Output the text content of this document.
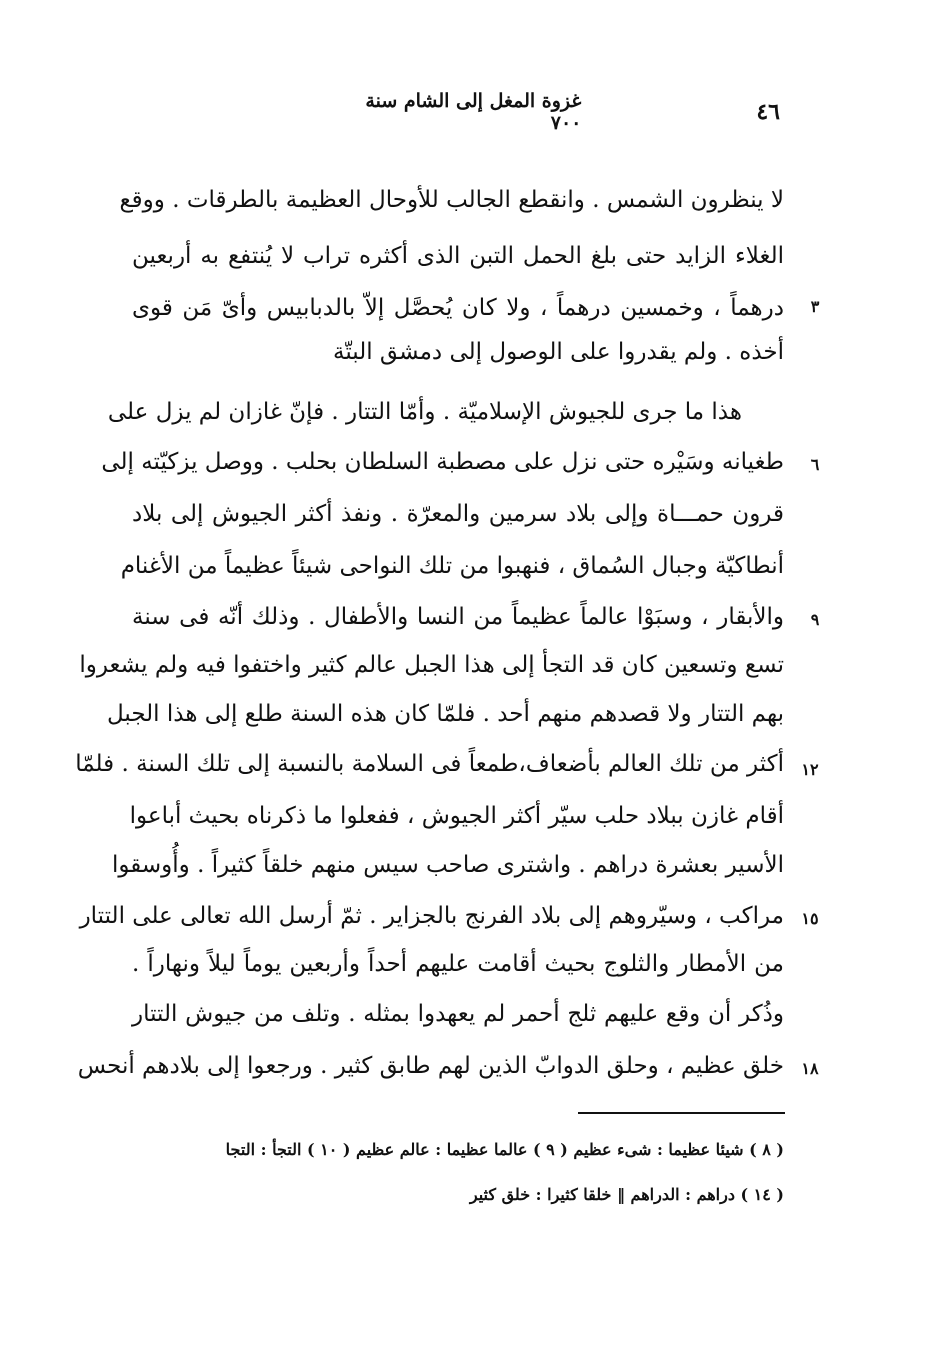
٤٦
غزوة المغل إلى الشام سنة ٧٠٠
لا ينظرون الشمس . وانقطع الجالب للأوحال العظيمة بالطرقات . ووقع
الغلاء الزايد حتى بلغ الحمل التبن الذى أكثره تراب لا يُنتفع به أربعين
درهماً ، وخمسين درهماً ، ولا كان يُحصَّل إلاّ بالدبابيس وأىّ مَن قوى
أخذه . ولم يقدروا على الوصول إلى دمشق البتّة
هذا ما جرى للجيوش الإسلاميّة . وأمّا التتار . فإنّ غازان لم يزل على
طغيانه وسَيْره حتى نزل على مصطبة السلطان بحلب . ووصل يزكيّته إلى
قرون حمـــاة وإلى بلاد سرمين والمعرّة . ونفذ أكثر الجيوش إلى بلاد
أنطاكيّة وجبال السُماق ، فنهبوا من تلك النواحى شيئاً عظيماً من الأغنام
والأبقار ، وسبَوْا عالماً عظيماً من النسا والأطفال . وذلك أنّه فى سنة
تسع وتسعين كان قد التجأ إلى هذا الجبل عالم كثير واختفوا فيه ولم يشعروا
بهم التتار ولا قصدهم منهم أحد . فلمّا كان هذه السنة طلع إلى هذا الجبل
أكثر من تلك العالم بأضعاف،طمعاً فى السلامة بالنسبة إلى تلك السنة . فلمّا
أقام غازن ببلاد حلب سيّر أكثر الجيوش ، ففعلوا ما ذكرناه بحيث أباعوا
الأسير بعشرة دراهم . واشترى صاحب سيس منهم خلقاً كثيراً . وأُوسقوا
مراكب ، وسيّروهم إلى بلاد الفرنج بالجزاير . ثمّ أرسل الله تعالى على التتار
من الأمطار والثلوج بحيث أقامت عليهم أحداً وأربعين يوماً ليلاً ونهاراً .
وذُكر أن وقع عليهم ثلج أحمر لم يعهدوا بمثله . وتلف من جيوش التتار
خلق عظيم ، وحلق الدوابّ الذين لهم طابق كثير . ورجعوا إلى بلادهم أنحس
٣
٦
٩
١٢
١٥
١٨
( ٨ ) شيئا عظيما : شىء عظيم ( ٩ ) عالما عظيما : عالم عظيم ( ١٠ ) التجأ : التجا
( ١٤ ) دراهم : الدراهم ‖ خلقا كثيرا : خلق كثير
